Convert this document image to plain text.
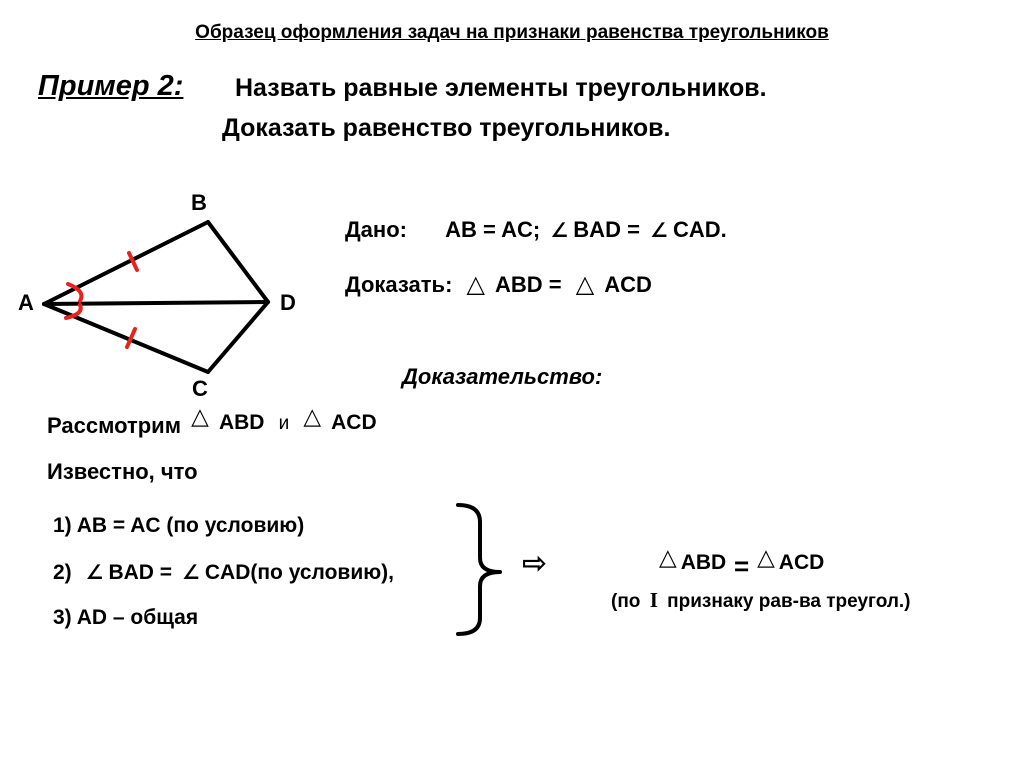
Образец оформления задач на признаки равенства треугольников
Пример 2: Назвать равные элементы треугольников.
Доказать равенство треугольников.
A
B
C
D
Дано: AB = AC; ∠ BAD = ∠ CAD.
Доказать: △ ABD = △ ACD
Доказательство:
Рассмотрим △ ABD и △ ACD
Известно, что
1) AB = AC (по условию)
2) ∠ BAD = ∠ CAD(по условию),
3) AD – общая
⇨	△ ABD = △ ACD
(по I признаку рав-ва треугол.)
